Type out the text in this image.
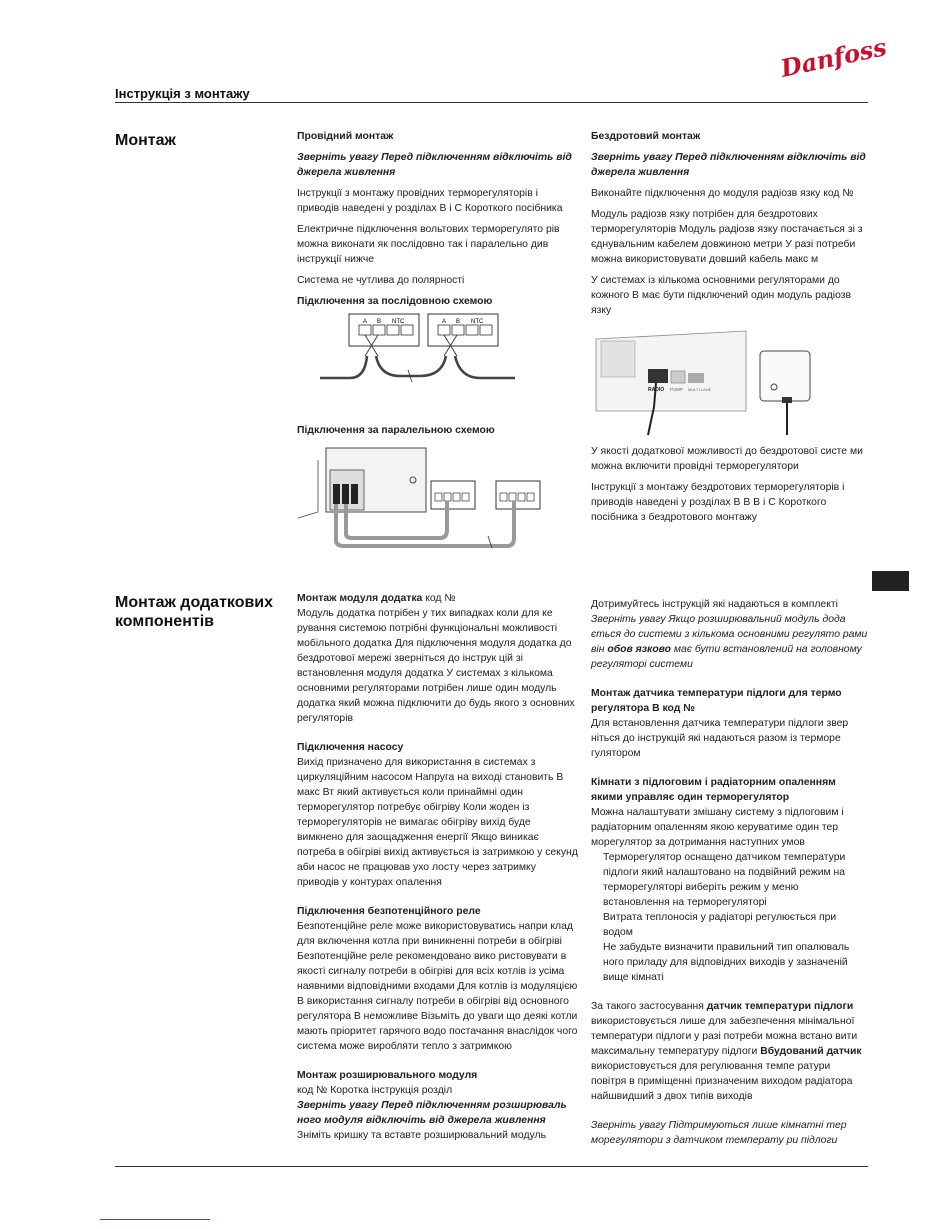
Danfoss
Інструкція з монтажу
Монтаж	Провідний монтаж

Зверніть увагу Перед підключенням відключіть від джерела живлення

Інструкції з монтажу провідних терморегуляторів і приводів наведені у розділах В і С Короткого посібника

Електричне підключення вольтових терморегулято рів можна виконати як послідовно так і паралельно див інструкції нижче

Система не чутлива до полярності

Підключення за послідовною схемою

A B NTC	A B NTC

Підключення за паралельною схемою

Бездротовий монтаж

Зверніть увагу Перед підключенням відключіть від джерела живлення

Виконайте підключення до модуля радіозв язку код №

Модуль радіозв язку потрібен для бездротових терморегуляторів Модуль радіозв язку постачається зі з єднувальним кабелем довжиною метри У разі потреби можна використовувати довший кабель макс м

У системах із кількома основними регуляторами до кожного В має бути підключений один модуль радіозв язку

RADIO PUMP MULTI LANE

У якості додаткової можливості до бездротової систе ми можна включити провідні терморегулятори

Інструкції з монтажу бездротових терморегуляторів і приводів наведені у розділах В В В і С Короткого посібника з бездротового монтажу

Монтаж додаткових компонентів
Монтаж модуля додатка код №
Модуль додатка потрібен у тих випадках коли для ке рування системою потрібні функціональні можливості мобільного додатка Для підключення модуля додатка до бездротової мережі зверніться до інструк цій зі встановлення модуля додатка У системах з кількома основними регуляторами потрібен лише один модуль додатка який можна підключити до будь якого з основних регуляторів
Підключення насосу
Вихід призначено для використання в системах з циркуляційним насосом Напруга на виході становить В макс Вт який активується коли принаймні один терморегулятор потребує обігріву Коли жоден із терморегуляторів не вимагає обігріву вихід буде вимкнено для заощадження енергії Якщо виникає потреба в обігріві вихід активується із затримкою у секунд аби насос не працював ухо лосту через затримку приводів у контурах опалення
Підключення безпотенційного реле
Безпотенційне реле може використовуватись напри клад для включення котла при виникненні потреби в обігріві Безпотенційне реле рекомендовано вико ристовувати в якості сигналу потреби в обігріві для всіх котлів із усіма наявними відповідними входами Для котлів із модуляцією В використання сигналу потреби в обігріві від основного регулятора В неможливе Візьміть до уваги що деякі котли мають пріоритет гарячого водо постачання внаслідок чого система може виробляти тепло з затримкою
Монтаж розширювального модуля
код № Коротка інструкція розділ
Зверніть увагу Перед підключенням розширюваль ного модуля відключіть від джерела живлення
Зніміть кришку та вставте розширювальний модуль
Дотримуйтесь інструкцій які надаються в комплекті
Зверніть увагу Якщо розширювальний модуль дода ється до системи з кількома основними регулято рами він обов язково має бути встановлений на головному регуляторі системи
Монтаж датчика температури підлоги для термо регулятора В код №
Для встановлення датчика температури підлоги звер ніться до інструкцій які надаються разом із терморе гулятором
Кімнати з підлоговим і радіаторним опаленням якими управляє один терморегулятор
Можна налаштувати змішану систему з підлоговим і радіаторним опаленням якою керуватиме один тер морегулятор за дотримання наступних умов
Терморегулятор оснащено датчиком температури підлоги який налаштовано на подвійний режим на терморегуляторі виберіть режим у меню встановлення на терморегуляторі
Витрата теплоносія у радіаторі регулюється при водом
Не забудьте визначити правильний тип опалюваль ного приладу для відповідних виходів у зазначеній вище кімнаті
За такого застосування датчик температури підлоги використовується лише для забезпечення мінімальної температури підлоги у разі потреби можна встано вити максимальну температуру підлоги Вбудований датчик використовується для регулювання темпе ратури повітря в приміщенні призначеним виходом радіатора найшвидший з двох типів виходів
Зверніть увагу Підтримуються лише кімнатні тер морегулятори з датчиком температу ри підлоги
